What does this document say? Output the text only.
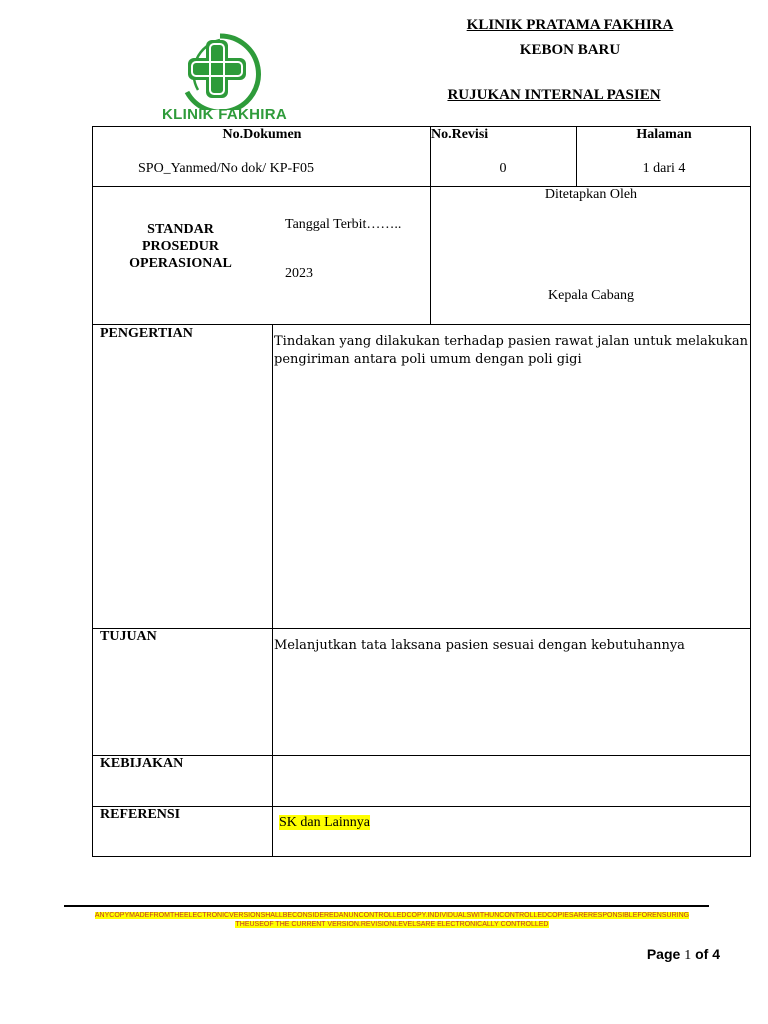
KLINIK PRATAMA FAKHIRA
KEBON BARU
RUJUKAN INTERNAL PASIEN
KLINIK FAKHIRA
No.Dokumen
SPO_Yanmed/No dok/ KP-F05
No.Revisi
0
Halaman
1 dari 4
STANDAR
PROSEDUR
OPERASIONAL
Tanggal Terbit……..
2023
Ditetapkan Oleh
Kepala Cabang
PENGERTIAN
Tindakan yang dilakukan terhadap pasien rawat jalan untuk melakukan pengiriman antara poli umum dengan poli gigi
TUJUAN
Melanjutkan tata laksana pasien sesuai dengan kebutuhannya
KEBIJAKAN
REFERENSI
SK dan Lainnya
ANYCOPYMADEFROMTHEELECTRONICVERSIONSHALLBECONSIDEREDANUNCONTROLLEDCOPY.INDIVIDUALSWITHUNCONTROLLEDCOPIESARERESPONSIBLEFORENSURING
THEUSEOF THE CURRENT VERSION.REVISIONLEVELSARE ELECTRONICALLY CONTROLLED
Page 1 of 4
